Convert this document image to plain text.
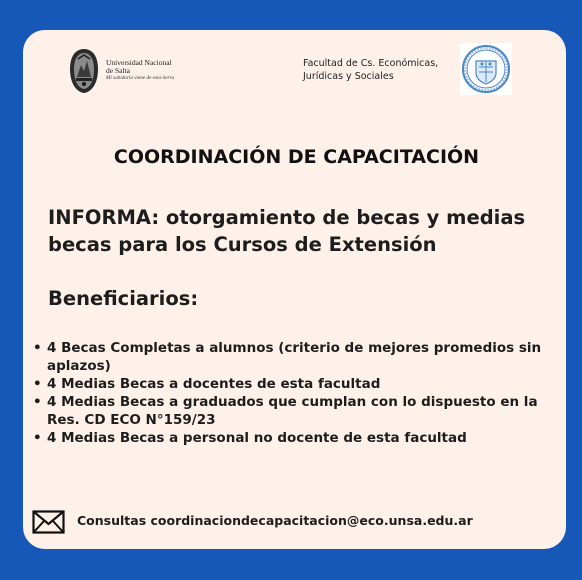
Universidad Nacional
de Salta
Mi sabiduría viene de esta tierra
Facultad de Cs. Económicas,
Jurídicas y Sociales
COORDINACIÓN DE CAPACITACIÓN

INFORMA: otorgamiento de becas y medias becas para los Cursos de Extensión

Beneficiarios:
• 4 Becas Completas a alumnos (criterio de mejores promedios sin aplazos)
• 4 Medias Becas a docentes de esta facultad
• 4 Medias Becas a graduados que cumplan con lo dispuesto en la Res. CD ECO N°159/23
• 4 Medias Becas a personal no docente de esta facultad
Consultas coordinaciondecapacitacion@eco.unsa.edu.ar
